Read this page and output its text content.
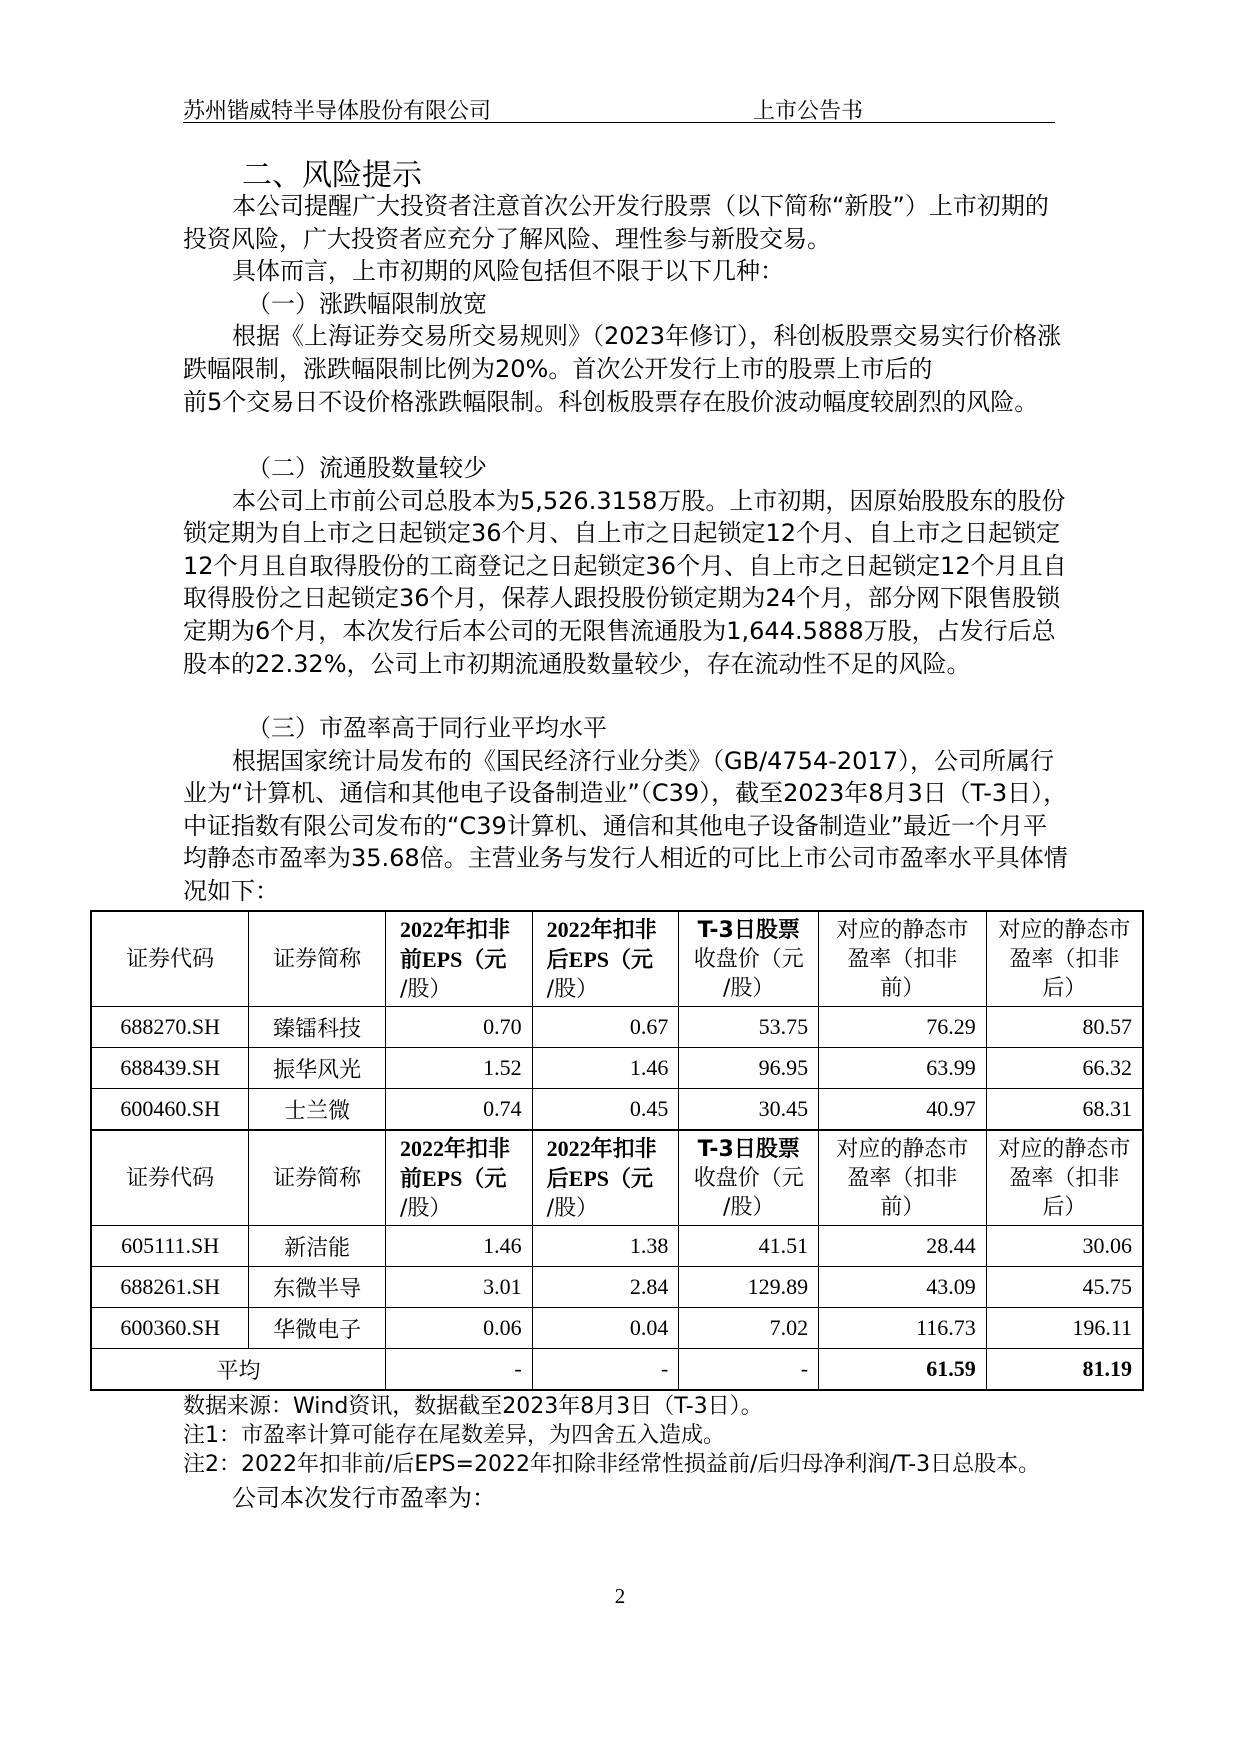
苏州锴威特半导体股份有限公司	上市公告书
二、风险提示

本公司提醒广大投资者注意首次公开发行股票（以下简称“新股”）上市初期的投资风险，广大投资者应充分了解风险、理性参与新股交易。

具体而言，上市初期的风险包括但不限于以下几种：

（一）涨跌幅限制放宽

根据《上海证券交易所交易规则》（2023年修订），科创板股票交易实行价格涨跌幅限制，涨跌幅限制比例为20%。首次公开发行上市的股票上市后的

前5个交易日不设价格涨跌幅限制。科创板股票存在股价波动幅度较剧烈的风险。

（二）流通股数量较少

本公司上市前公司总股本为5,526.3158万股。上市初期，因原始股股东的股份锁定期为自上市之日起锁定36个月、自上市之日起锁定12个月、自上市之日起锁定12个月且自取得股份的工商登记之日起锁定36个月、自上市之日起锁定12个月且自取得股份之日起锁定36个月，保荐人跟投股份锁定期为24个月，部分网下限售股锁定期为6个月，本次发行后本公司的无限售流通股为1,644.5888万股，占发行后总股本的22.32%，公司上市初期流通股数量较少，存在流动性不足的风险。

（三）市盈率高于同行业平均水平

根据国家统计局发布的《国民经济行业分类》（GB/4754-2017），公司所属行业为“计算机、通信和其他电子设备制造业”（C39），截至2023年8月3日（T-3日），中证指数有限公司发布的“C39计算机、通信和其他电子设备制造业”最近一个月平均静态市盈率为35.68倍。主营业务与发行人相近的可比上市公司市盈率水平具体情况如下：

证券代码	证券简称	2022年扣非
前EPS（元
/股）	2022年扣非
后EPS（元
/股）	T-3日股票
收盘价（元
/股）	对应的静态市
盈率（扣非
前）	对应的静态市
盈率（扣非
后）
688270.SH	臻镭科技	0.70	0.67	53.75	76.29	80.57
688439.SH	振华风光	1.52	1.46	96.95	63.99	66.32
600460.SH	士兰微	0.74	0.45	30.45	40.97	68.31
证券代码	证券简称	2022年扣非
前EPS（元
/股）	2022年扣非
后EPS（元
/股）	T-3日股票
收盘价（元
/股）	对应的静态市
盈率（扣非
前）	对应的静态市
盈率（扣非
后）
605111.SH	新洁能	1.46	1.38	41.51	28.44	30.06
688261.SH	东微半导	3.01	2.84	129.89	43.09	45.75
600360.SH	华微电子	0.06	0.04	7.02	116.73	196.11
平均		-	-	-	61.59	81.19
数据来源：Wind资讯，数据截至2023年8月3日（T-3日）。
注1：市盈率计算可能存在尾数差异，为四舍五入造成。
注2：2022年扣非前/后EPS=2022年扣除非经常性损益前/后归母净利润/T-3日总股本。
公司本次发行市盈率为：
2
